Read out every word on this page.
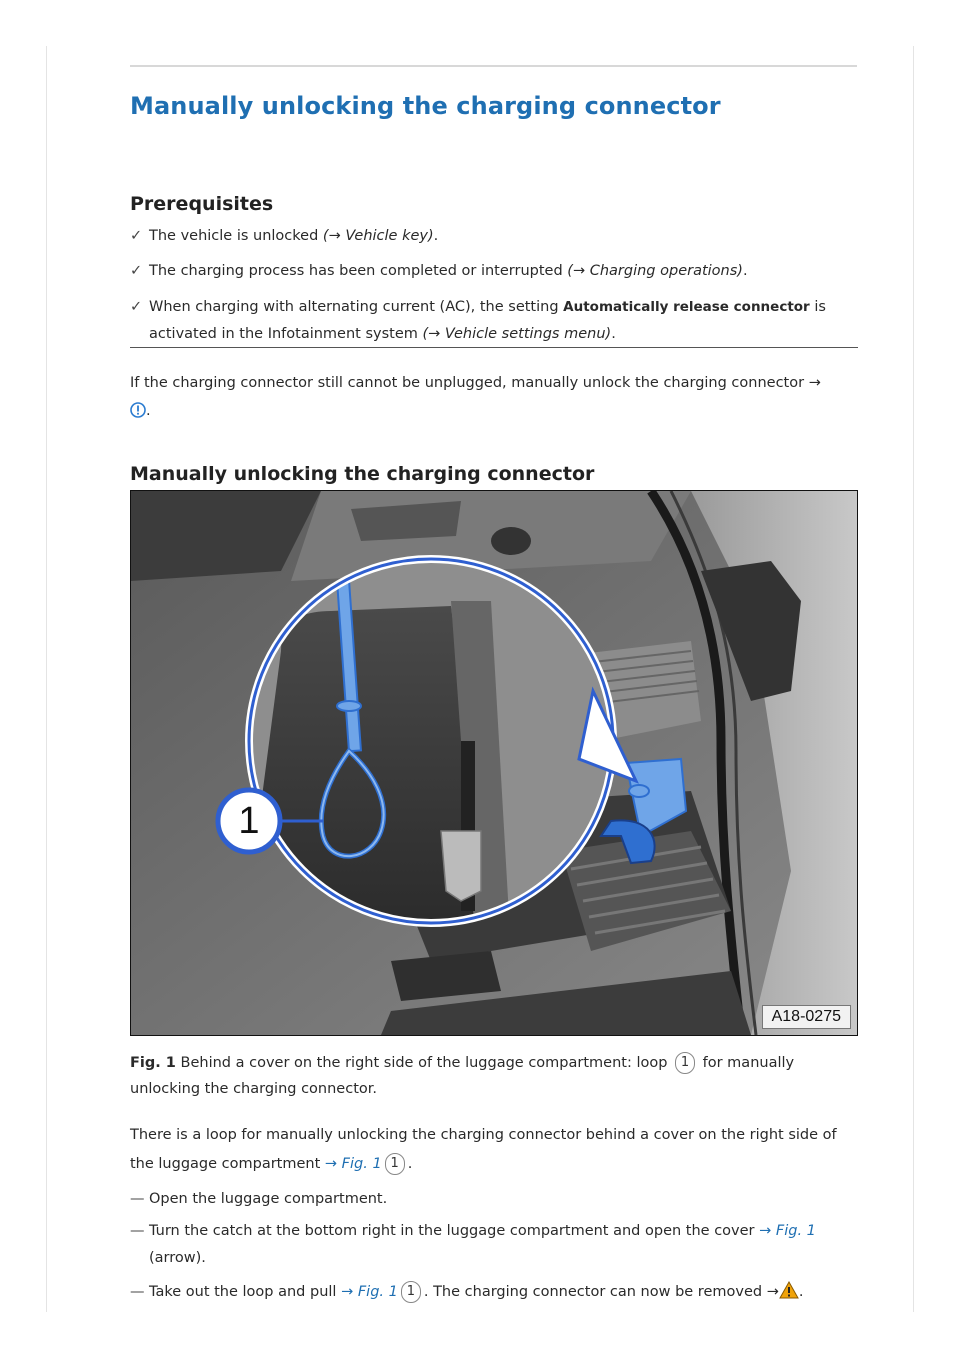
Manually unlocking the charging connector
Prerequisites
✓ The vehicle is unlocked (→ Vehicle key).
✓ The charging process has been completed or interrupted (→ Charging operations).
✓ When charging with alternating current (AC), the setting Automatically release connector is
activated in the Infotainment system (→ Vehicle settings menu).
If the charging connector still cannot be unplugged, manually unlock the charging connector →
.
Manually unlocking the charging connector
1
A18-0275
Fig. 1 Behind a cover on the right side of the luggage compartment: loop 1 for manually
unlocking the charging connector.
There is a loop for manually unlocking the charging connector behind a cover on the right side of
the luggage compartment → Fig. 1 1 .
— Open the luggage compartment.
— Turn the catch at the bottom right in the luggage compartment and open the cover → Fig. 1
(arrow).
— Take out the loop and pull → Fig. 1 1 . The charging connector can now be removed → .
